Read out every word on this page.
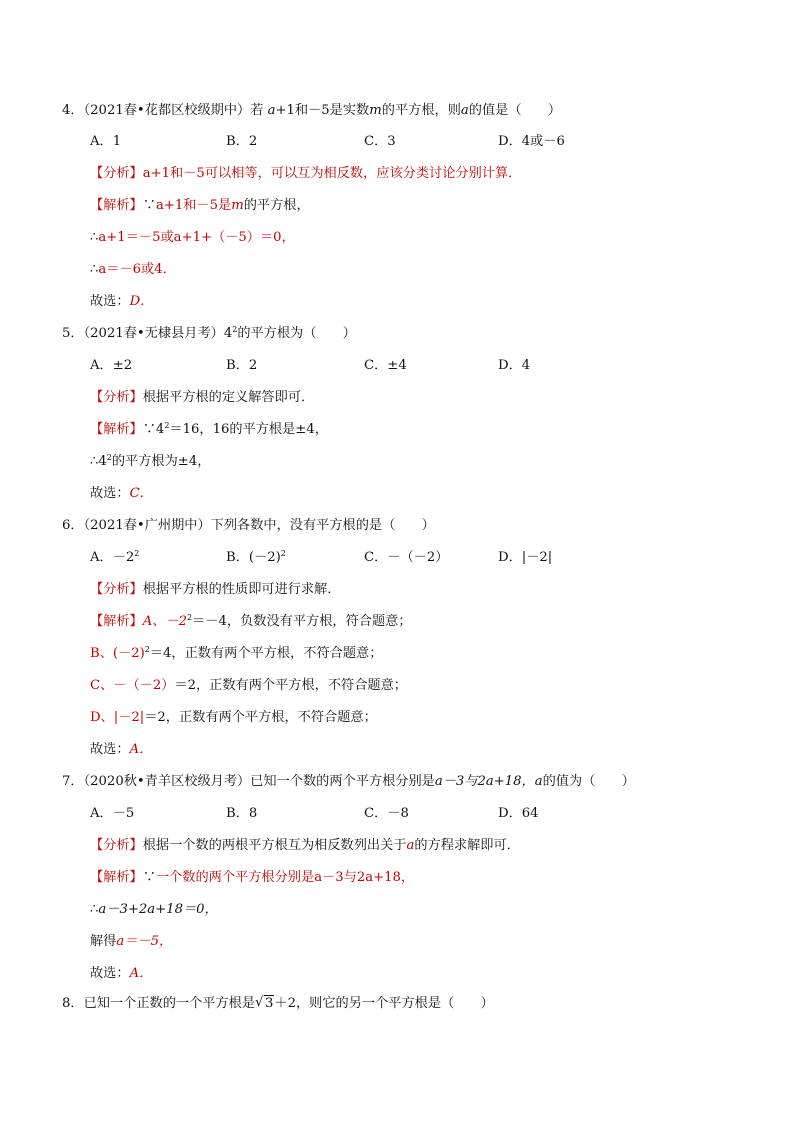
4．（2021春•花都区校级期中）若 a+1和－5是实数m的平方根，则a的值是（　　）
A．1	B．2	C．3	D．4或－6
【分析】a+1和－5可以相等，可以互为相反数，应该分类讨论分别计算．
【解析】∵a+1和－5是m的平方根，
∴a+1＝－5或a+1+（－5）＝0，
∴a＝－6或4．
故选：D．
5．（2021春•无棣县月考）$4^2$的平方根为（　　）
A．±2	B．2	C．±4	D．4
【分析】根据平方根的定义解答即可．
【解析】$\because 4^2=16$，16的平方根是±4，
$\therefore 4^2$的平方根为±4，
故选：C．
6．（2021春•广州期中）下列各数中，没有平方根的是（　　）
A．$-2^2$	B．$(-2)^2$	C．－（－2）	D．|－2|
【分析】根据平方根的性质即可进行求解．
【解析】A、$-2^2=-4$，负数没有平方根，符合题意；
B、$(-2)^2=4$，正数有两个平方根，不符合题意；
C、－（－2）＝2，正数有两个平方根，不符合题意；
D、|－2|＝2，正数有两个平方根，不符合题意；
故选：A．
7．（2020秋•青羊区校级月考）已知一个数的两个平方根分别是a－3与2a+18，a的值为（　　）
A．－5	B．8	C．－8	D．64
【分析】根据一个数的两根平方根互为相反数列出关于a的方程求解即可．
【解析】∵一个数的两个平方根分别是a－3与2a+18，
∴a－3+2a+18＝0，
解得a＝－5，
故选：A．
8．已知一个正数的一个平方根是 √ 3＋2，则它的另一个平方根是（　　）
